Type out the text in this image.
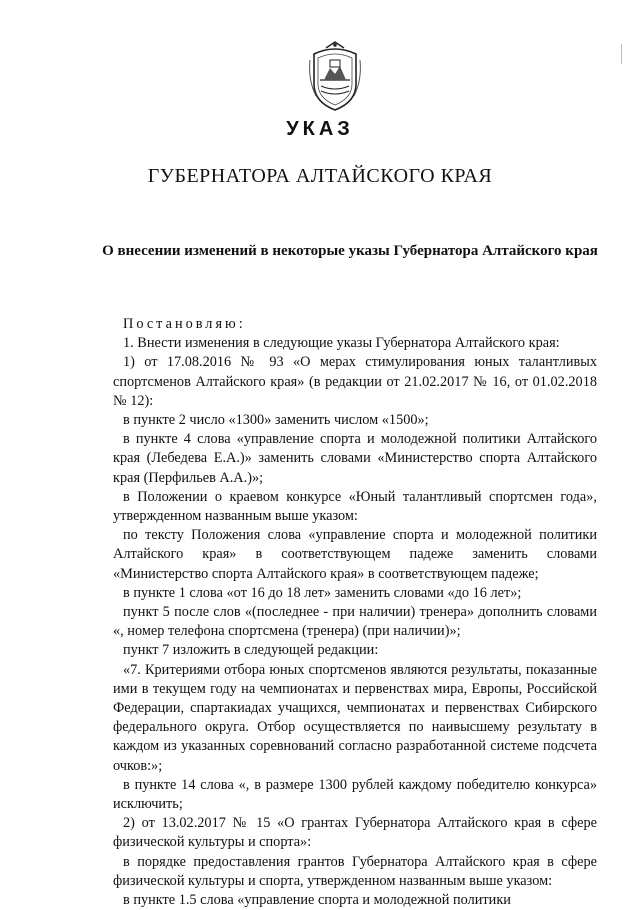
УКАЗ
ГУБЕРНАТОРА АЛТАЙСКОГО КРАЯ
О внесении изменений в некоторые указы Губернатора Алтайского края

Постановляю:

1. Внести изменения в следующие указы Губернатора Алтайского края:

1) от 17.08.2016 № 93 «О мерах стимулирования юных талантливых спортсменов Алтайского края» (в редакции от 21.02.2017 № 16, от 01.02.2018 № 12):

в пункте 2 число «1300» заменить числом «1500»;

в пункте 4 слова «управление спорта и молодежной политики Алтайского края (Лебедева Е.А.)» заменить словами «Министерство спорта Алтайского края (Перфильев А.А.)»;

в Положении о краевом конкурсе «Юный талантливый спортсмен года», утвержденном названным выше указом:

по тексту Положения слова «управление спорта и молодежной политики Алтайского края» в соответствующем падеже заменить словами «Министерство спорта Алтайского края» в соответствующем падеже;

в пункте 1 слова «от 16 до 18 лет» заменить словами «до 16 лет»;

пункт 5 после слов «(последнее - при наличии) тренера» дополнить словами «, номер телефона спортсмена (тренера) (при наличии)»;

пункт 7 изложить в следующей редакции:

«7. Критериями отбора юных спортсменов являются результаты, показанные ими в текущем году на чемпионатах и первенствах мира, Европы, Российской Федерации, спартакиадах учащихся, чемпионатах и первенствах Сибирского федерального округа. Отбор осуществляется по наивысшему результату в каждом из указанных соревнований согласно разработанной системе подсчета очков:»;

в пункте 14 слова «, в размере 1300 рублей каждому победителю конкурса» исключить;

2) от 13.02.2017 № 15 «О грантах Губернатора Алтайского края в сфере физической культуры и спорта»:

в порядке предоставления грантов Губернатора Алтайского края в сфере физической культуры и спорта, утвержденном названным выше указом:

в пункте 1.5 слова «управление спорта и молодежной политики
